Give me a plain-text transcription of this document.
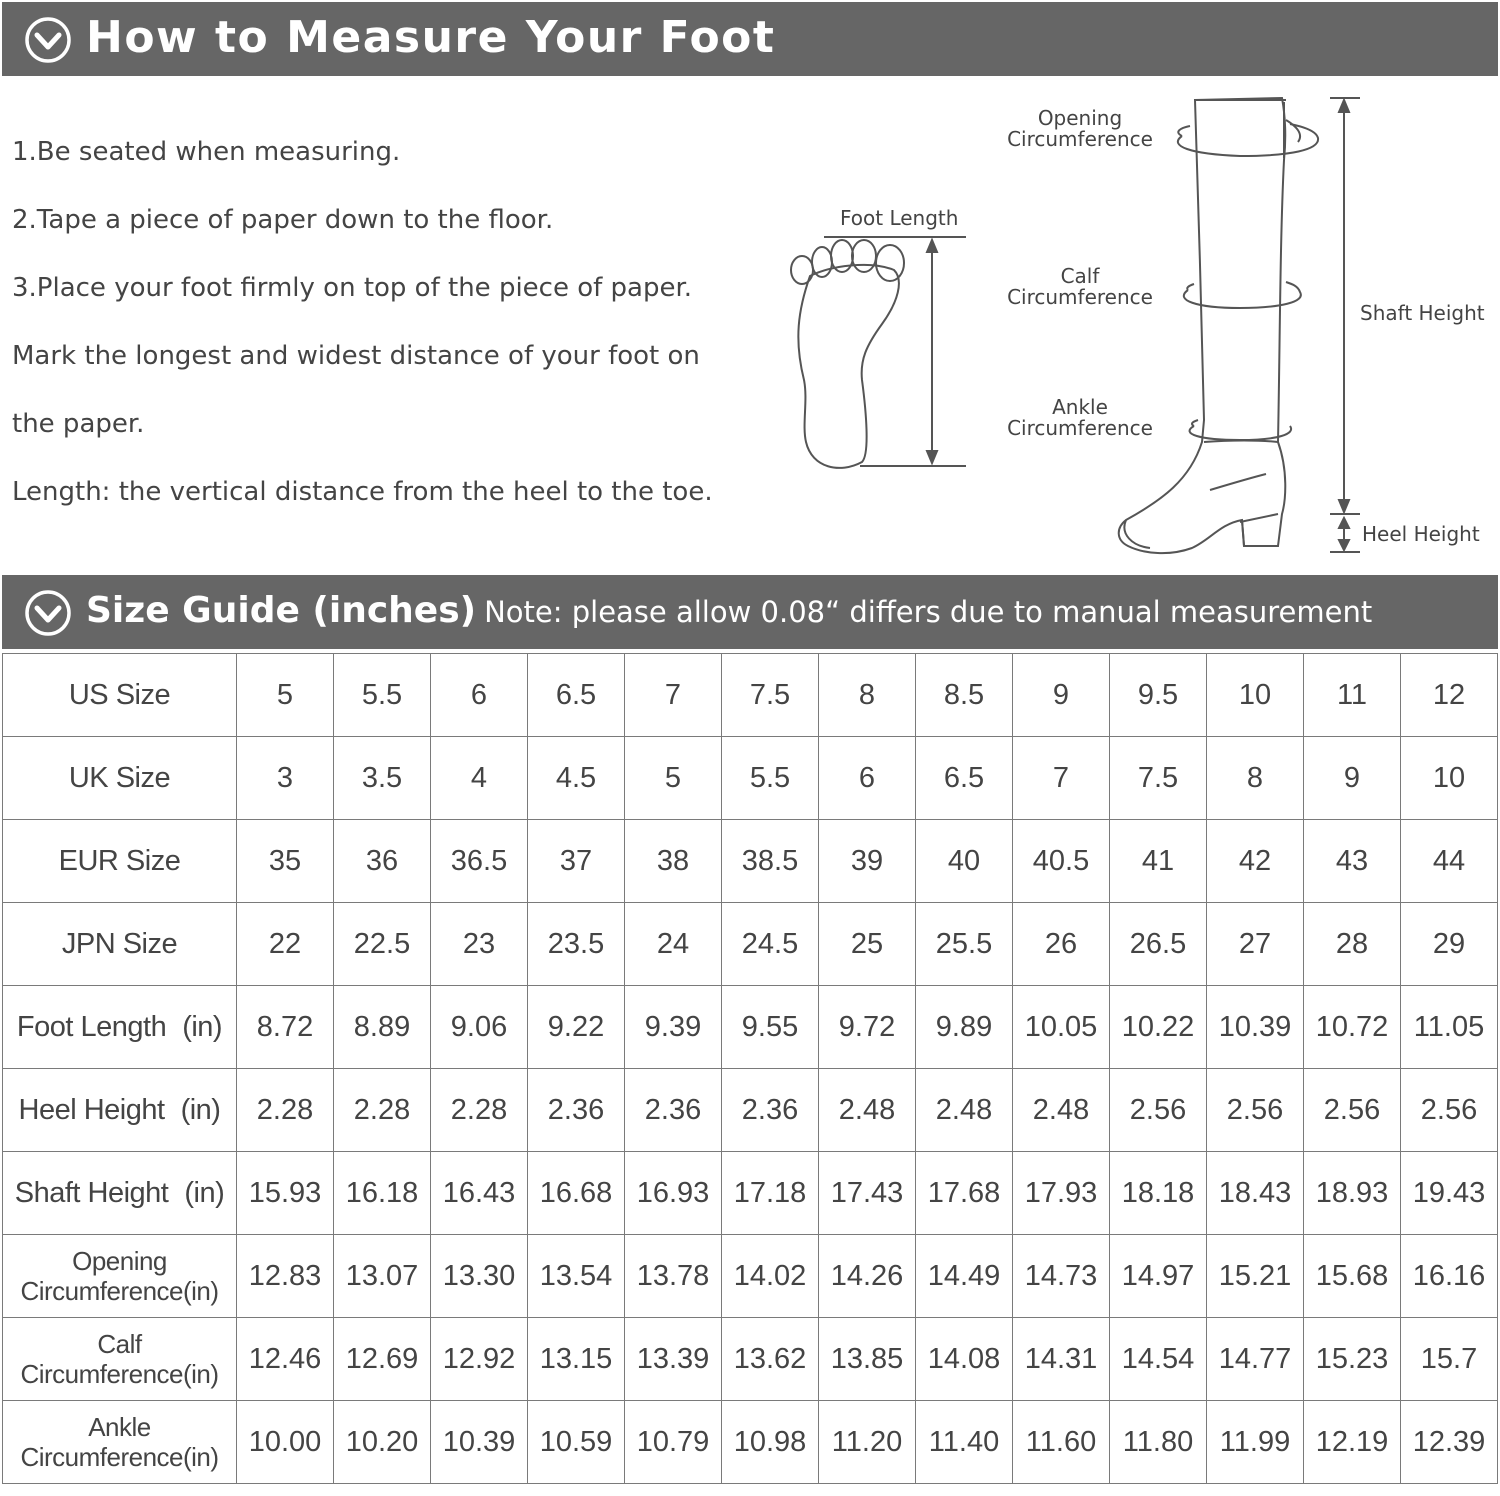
How to Measure Your Foot
1.Be seated when measuring.
2.Tape a piece of paper down to the floor.
3.Place your foot firmly on top of the piece of paper.
Mark the longest and widest distance of your foot on
the paper.
Length: the vertical distance from the heel to the toe.
Foot Length
Opening
Circumference
Calf
Circumference
Ankle
Circumference
Shaft Height
Heel Height
Size Guide (inches) Note: please allow 0.08“ differs due to manual measurement
US Size	5	5.5	6	6.5	7	7.5	8	8.5	9	9.5	10	11	12
UK Size	3	3.5	4	4.5	5	5.5	6	6.5	7	7.5	8	9	10
EUR Size	35	36	36.5	37	38	38.5	39	40	40.5	41	42	43	44
JPN Size	22	22.5	23	23.5	24	24.5	25	25.5	26	26.5	27	28	29
Foot Length (in)	8.72	8.89	9.06	9.22	9.39	9.55	9.72	9.89	10.05	10.22	10.39	10.72	11.05
Heel Height (in)	2.28	2.28	2.28	2.36	2.36	2.36	2.48	2.48	2.48	2.56	2.56	2.56	2.56
Shaft Height (in)	15.93	16.18	16.43	16.68	16.93	17.18	17.43	17.68	17.93	18.18	18.43	18.93	19.43

Opening
Circumference(in)	12.83	13.07	13.30	13.54	13.78	14.02	14.26	14.49	14.73	14.97	15.21	15.68	16.16

Calf
Circumference(in)	12.46	12.69	12.92	13.15	13.39	13.62	13.85	14.08	14.31	14.54	14.77	15.23	15.7

Ankle
Circumference(in)	10.00	10.20	10.39	10.59	10.79	10.98	11.20	11.40	11.60	11.80	11.99	12.19	12.39
